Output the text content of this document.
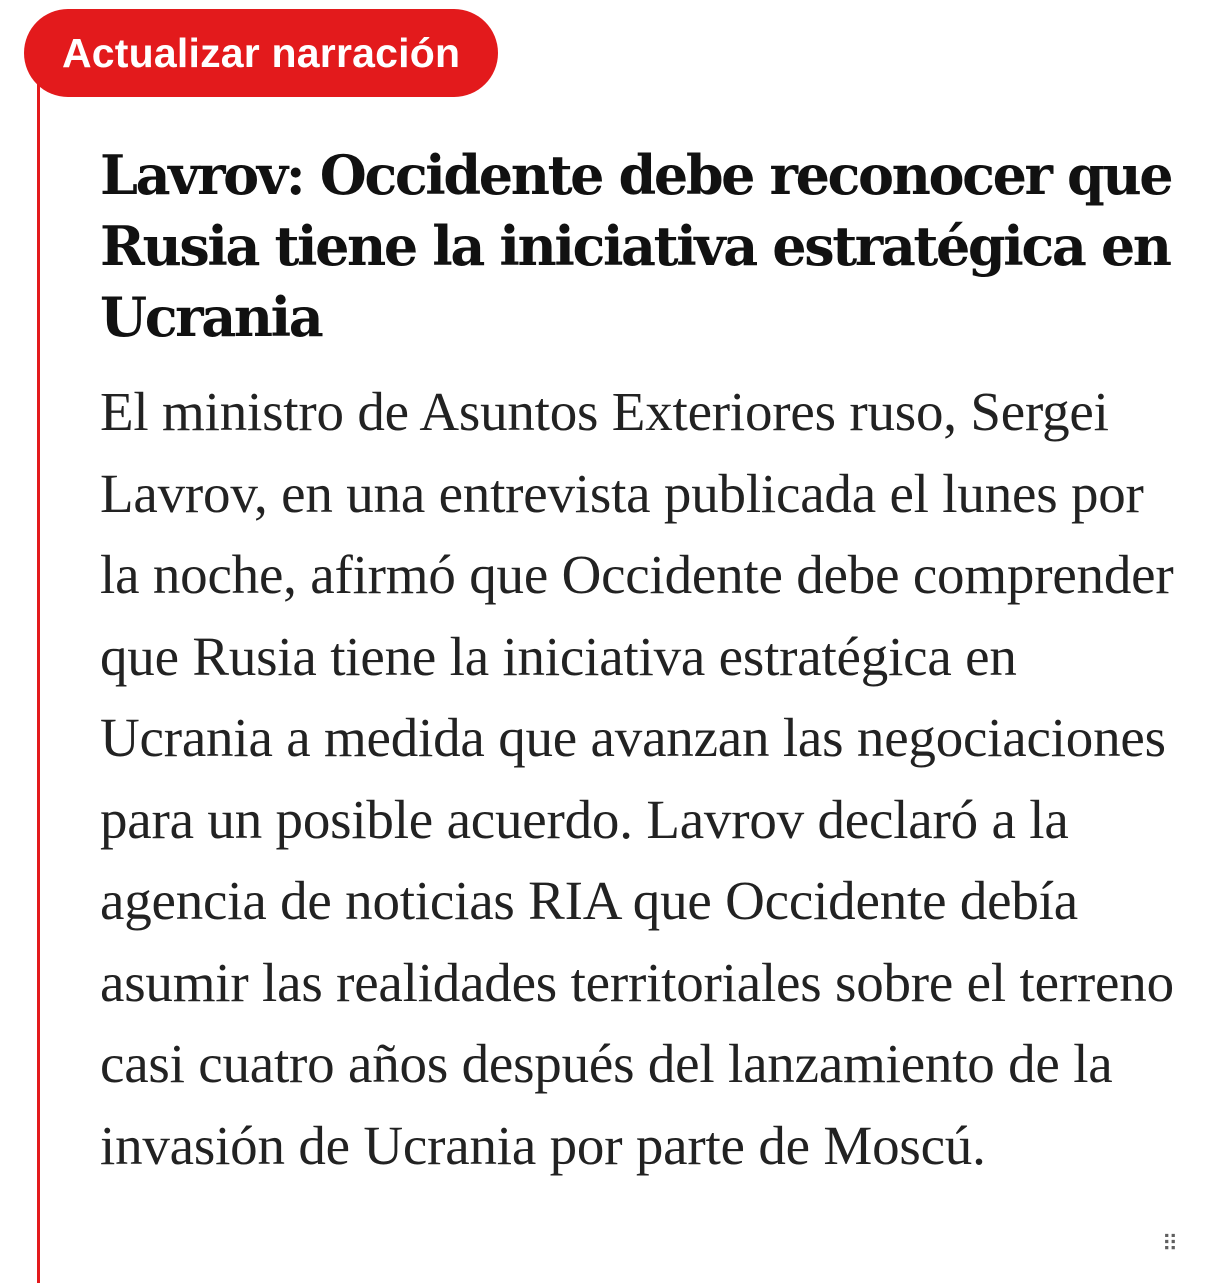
Actualizar narración
Lavrov: Occidente debe reconocer que Rusia tiene la iniciativa estratégica en Ucrania

El ministro de Asuntos Exteriores ruso, Sergei Lavrov, en una entrevista publicada el lunes por la noche, afirmó que Occidente debe comprender que Rusia tiene la iniciativa estratégica en Ucrania a medida que avanzan las negociaciones para un posible acuerdo. Lavrov declaró a la agencia de noticias RIA que Occidente debía asumir las realidades territoriales sobre el terreno casi cuatro años después del lanzamiento de la invasión de Ucrania por parte de Moscú.

⠿
